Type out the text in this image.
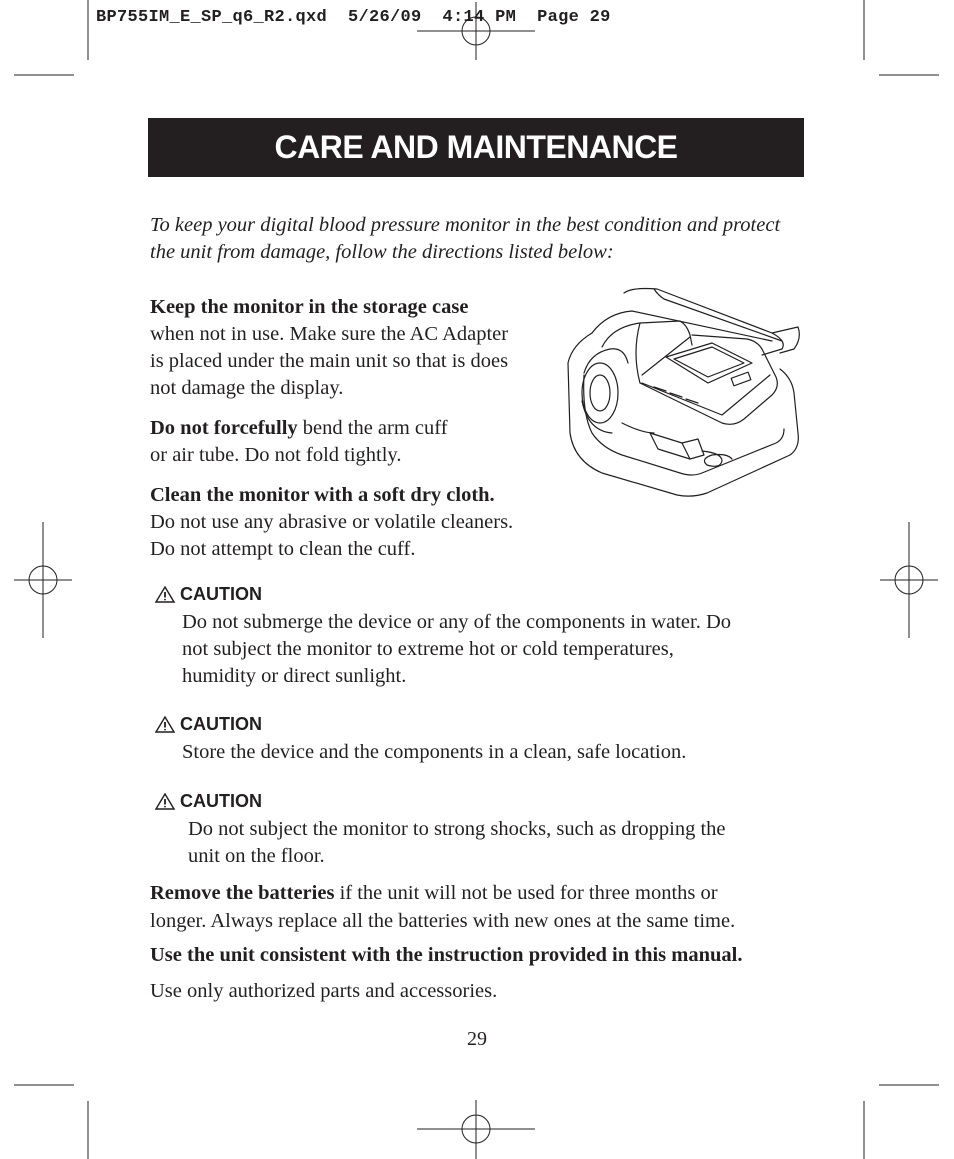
BP755IM_E_SP_q6_R2.qxd  5/26/09  4:14 PM  Page 29
CARE AND MAINTENANCE

To keep your digital blood pressure monitor in the best condition and protect the unit from damage, follow the directions listed below:

Keep the monitor in the storage case
when not in use. Make sure the AC Adapter
is placed under the main unit so that is does
not damage the display.
Do not forcefully bend the arm cuff
or air tube. Do not fold tightly.
Clean the monitor with a soft dry cloth.
Do not use any abrasive or volatile cleaners.
Do not attempt to clean the cuff.
CAUTION
Do not submerge the device or any of the components in water. Do
not subject the monitor to extreme hot or cold temperatures,
humidity or direct sunlight.
CAUTION
Store the device and the components in a clean, safe location.
CAUTION
Do not subject the monitor to strong shocks, such as dropping the
unit on the floor.
Remove the batteries if the unit will not be used for three months or
longer. Always replace all the batteries with new ones at the same time.
Use the unit consistent with the instruction provided in this manual.
Use only authorized parts and accessories.
29
